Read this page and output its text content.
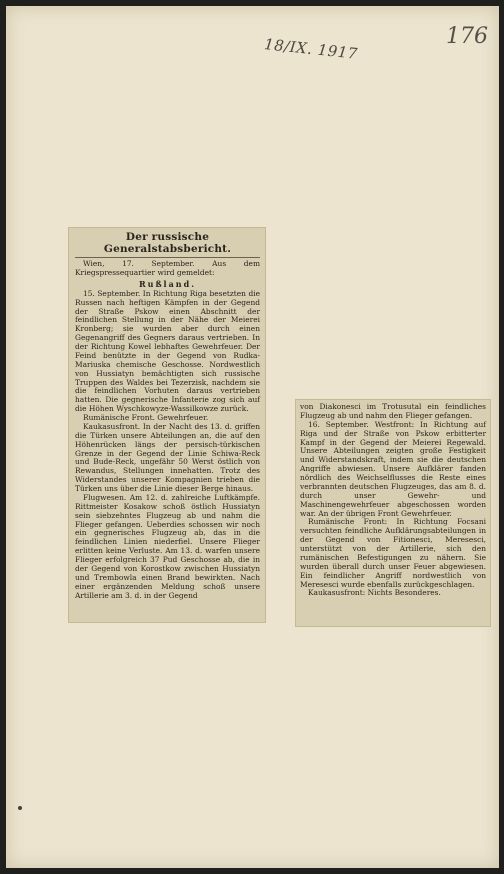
18/IX. 1917	176
Der russische Generalstabsbericht.

Wien, 17. September. Aus dem Kriegspressequartier wird gemeldet:

Rußland.

15. September. In Richtung Riga besetzten die Russen nach heftigen Kämpfen in der Gegend der Straße Pskow einen Abschnitt der feindlichen Stellung in der Nähe der Meierei Kronberg; sie wurden aber durch einen Gegenangriff des Gegners daraus vertrieben. In der Richtung Kowel lebhaftes Gewehrfeuer. Der Feind benützte in der Gegend von Rudka-Mariuska chemische Geschosse. Nordwestlich von Hussiatyn bemächtigten sich russische Truppen des Waldes bei Tezerzisk, nachdem sie die feindlichen Vorhuten daraus vertrieben hatten. Die gegnerische Infanterie zog sich auf die Höhen Wyschkowyze-Wassilkowze zurück.

Rumänische Front. Gewehrfeuer.

Kaukasusfront. In der Nacht des 13. d. griffen die Türken unsere Abteilungen an, die auf den Höhenrücken längs der persisch-türkischen Grenze in der Gegend der Linie Schiwa-Reck und Bude-Reck, ungefähr 50 Werst östlich von Rewandus, Stellungen innehatten. Trotz des Widerstandes unserer Kompagnien trieben die Türken uns über die Linie dieser Berge hinaus.

Flugwesen. Am 12. d. zahlreiche Luftkämpfe. Rittmeister Kosakow schoß östlich Hussiatyn sein siebzehntes Flugzeug ab und nahm die Flieger gefangen. Ueberdies schossen wir noch ein gegnerisches Flugzeug ab, das in die feindlichen Linien niederfiel. Unsere Flieger erlitten keine Verluste. Am 13. d. warfen unsere Flieger erfolgreich 37 Pud Geschosse ab, die in der Gegend von Korostkow zwischen Hussiatyn und Trembowla einen Brand bewirkten. Nach einer ergänzenden Meldung schoß unsere Artillerie am 3. d. in der Gegend

von Diakonesci im Trotusutal ein feindliches Flugzeug ab und nahm den Flieger gefangen.

16. September. Westfront: In Richtung auf Riga und der Straße von Pskow erbitterter Kampf in der Gegend der Meierei Regewald. Unsere Abteilungen zeigten große Festigkeit und Widerstandskraft, indem sie die deutschen Angriffe abwiesen. Unsere Aufklärer fanden nördlich des Weichselflusses die Reste eines verbrannten deutschen Flugzeuges, das am 8. d. durch unser Gewehr- und Maschinengewehrfeuer abgeschossen worden war. An der übrigen Front Gewehrfeuer.

Rumänische Front: In Richtung Focsani versuchten feindliche Aufklärungsabteilungen in der Gegend von Fitionesci, Meresesci, unterstützt von der Artillerie, sich den rumänischen Befestigungen zu nähern. Sie wurden überall durch unser Feuer abgewiesen. Ein feindlicher Angriff nordwestlich von Meresesci wurde ebenfalls zurückgeschlagen.

Kaukasusfront: Nichts Besonderes.
